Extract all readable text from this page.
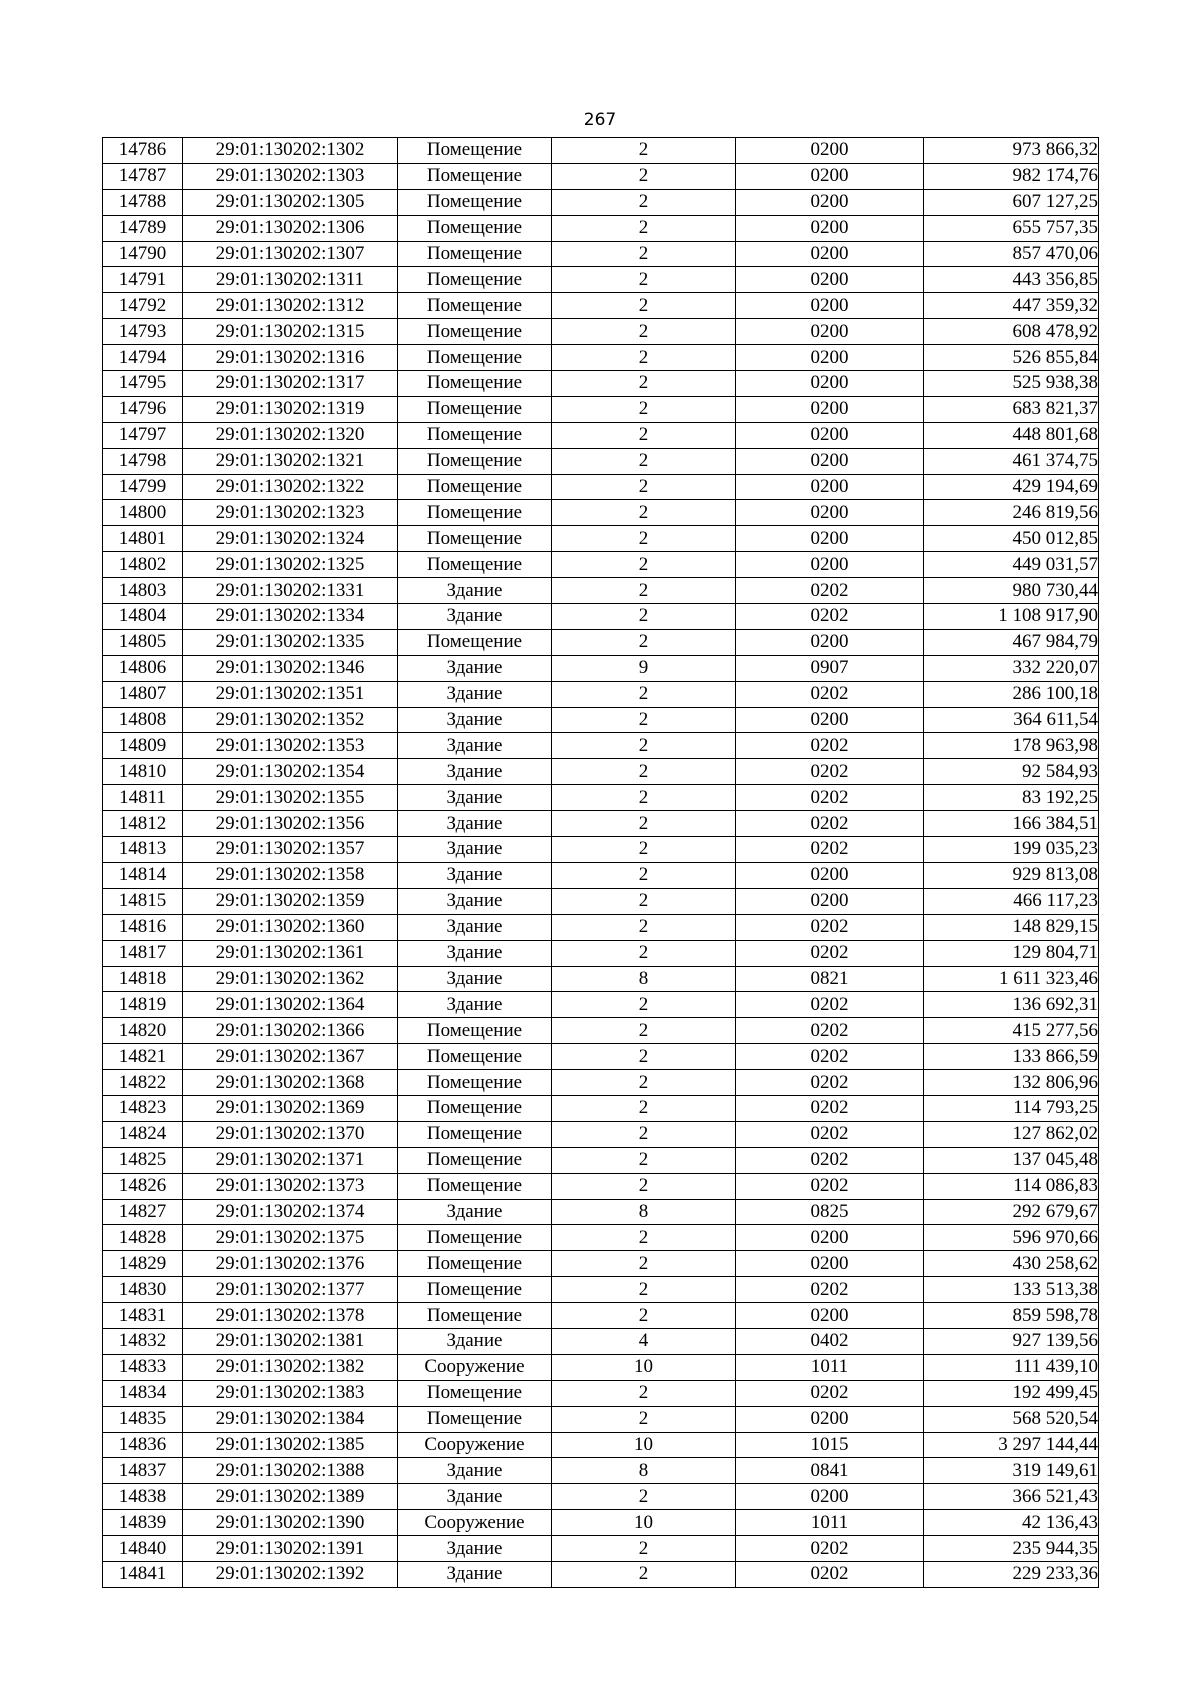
267
14786	29:01:130202:1302	Помещение	2	0200	973 866,32
14787	29:01:130202:1303	Помещение	2	0200	982 174,76
14788	29:01:130202:1305	Помещение	2	0200	607 127,25
14789	29:01:130202:1306	Помещение	2	0200	655 757,35
14790	29:01:130202:1307	Помещение	2	0200	857 470,06
14791	29:01:130202:1311	Помещение	2	0200	443 356,85
14792	29:01:130202:1312	Помещение	2	0200	447 359,32
14793	29:01:130202:1315	Помещение	2	0200	608 478,92
14794	29:01:130202:1316	Помещение	2	0200	526 855,84
14795	29:01:130202:1317	Помещение	2	0200	525 938,38
14796	29:01:130202:1319	Помещение	2	0200	683 821,37
14797	29:01:130202:1320	Помещение	2	0200	448 801,68
14798	29:01:130202:1321	Помещение	2	0200	461 374,75
14799	29:01:130202:1322	Помещение	2	0200	429 194,69
14800	29:01:130202:1323	Помещение	2	0200	246 819,56
14801	29:01:130202:1324	Помещение	2	0200	450 012,85
14802	29:01:130202:1325	Помещение	2	0200	449 031,57
14803	29:01:130202:1331	Здание	2	0202	980 730,44
14804	29:01:130202:1334	Здание	2	0202	1 108 917,90
14805	29:01:130202:1335	Помещение	2	0200	467 984,79
14806	29:01:130202:1346	Здание	9	0907	332 220,07
14807	29:01:130202:1351	Здание	2	0202	286 100,18
14808	29:01:130202:1352	Здание	2	0200	364 611,54
14809	29:01:130202:1353	Здание	2	0202	178 963,98
14810	29:01:130202:1354	Здание	2	0202	92 584,93
14811	29:01:130202:1355	Здание	2	0202	83 192,25
14812	29:01:130202:1356	Здание	2	0202	166 384,51
14813	29:01:130202:1357	Здание	2	0202	199 035,23
14814	29:01:130202:1358	Здание	2	0200	929 813,08
14815	29:01:130202:1359	Здание	2	0200	466 117,23
14816	29:01:130202:1360	Здание	2	0202	148 829,15
14817	29:01:130202:1361	Здание	2	0202	129 804,71
14818	29:01:130202:1362	Здание	8	0821	1 611 323,46
14819	29:01:130202:1364	Здание	2	0202	136 692,31
14820	29:01:130202:1366	Помещение	2	0202	415 277,56
14821	29:01:130202:1367	Помещение	2	0202	133 866,59
14822	29:01:130202:1368	Помещение	2	0202	132 806,96
14823	29:01:130202:1369	Помещение	2	0202	114 793,25
14824	29:01:130202:1370	Помещение	2	0202	127 862,02
14825	29:01:130202:1371	Помещение	2	0202	137 045,48
14826	29:01:130202:1373	Помещение	2	0202	114 086,83
14827	29:01:130202:1374	Здание	8	0825	292 679,67
14828	29:01:130202:1375	Помещение	2	0200	596 970,66
14829	29:01:130202:1376	Помещение	2	0200	430 258,62
14830	29:01:130202:1377	Помещение	2	0202	133 513,38
14831	29:01:130202:1378	Помещение	2	0200	859 598,78
14832	29:01:130202:1381	Здание	4	0402	927 139,56
14833	29:01:130202:1382	Сооружение	10	1011	111 439,10
14834	29:01:130202:1383	Помещение	2	0202	192 499,45
14835	29:01:130202:1384	Помещение	2	0200	568 520,54
14836	29:01:130202:1385	Сооружение	10	1015	3 297 144,44
14837	29:01:130202:1388	Здание	8	0841	319 149,61
14838	29:01:130202:1389	Здание	2	0200	366 521,43
14839	29:01:130202:1390	Сооружение	10	1011	42 136,43
14840	29:01:130202:1391	Здание	2	0202	235 944,35
14841	29:01:130202:1392	Здание	2	0202	229 233,36
